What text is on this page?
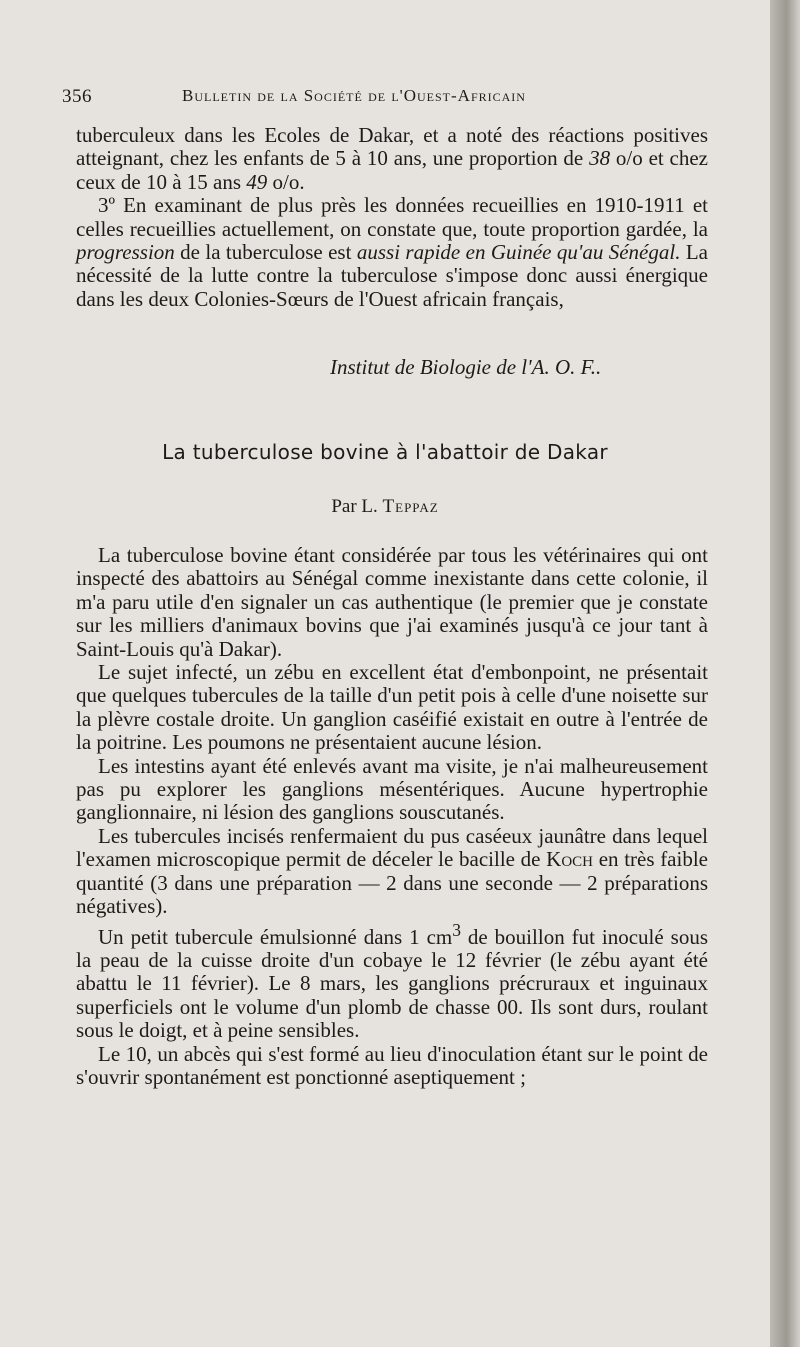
356	Bulletin de la Société de l'Ouest-Africain

tuberculeux dans les Ecoles de Dakar, et a noté des réactions positives atteignant, chez les enfants de 5 à 10 ans, une proportion de 38 o/o et chez ceux de 10 à 15 ans 49 o/o.

3º En examinant de plus près les données recueillies en 1910-1911 et celles recueillies actuellement, on constate que, toute proportion gardée, la progression de la tuberculose est aussi rapide en Guinée qu'au Sénégal. La nécessité de la lutte contre la tuberculose s'impose donc aussi énergique dans les deux Colonies-Sœurs de l'Ouest africain français,

Institut de Biologie de l'A. O. F..
La tuberculose bovine à l'abattoir de Dakar
Par L. Teppaz

La tuberculose bovine étant considérée par tous les vétérinaires qui ont inspecté des abattoirs au Sénégal comme inexistante dans cette colonie, il m'a paru utile d'en signaler un cas authentique (le premier que je constate sur les milliers d'animaux bovins que j'ai examinés jusqu'à ce jour tant à Saint-Louis qu'à Dakar).

Le sujet infecté, un zébu en excellent état d'embonpoint, ne présentait que quelques tubercules de la taille d'un petit pois à celle d'une noisette sur la plèvre costale droite. Un ganglion caséifié existait en outre à l'entrée de la poitrine. Les poumons ne présentaient aucune lésion.

Les intestins ayant été enlevés avant ma visite, je n'ai malheureusement pas pu explorer les ganglions mésentériques. Aucune hypertrophie ganglionnaire, ni lésion des ganglions souscutanés.

Les tubercules incisés renfermaient du pus caséeux jaunâtre dans lequel l'examen microscopique permit de déceler le bacille de Koch en très faible quantité (3 dans une préparation — 2 dans une seconde — 2 préparations négatives).

Un petit tubercule émulsionné dans 1 $cm^3$ de bouillon fut inoculé sous la peau de la cuisse droite d'un cobaye le 12 février (le zébu ayant été abattu le 11 février). Le 8 mars, les ganglions précruraux et inguinaux superficiels ont le volume d'un plomb de chasse 00. Ils sont durs, roulant sous le doigt, et à peine sensibles.

Le 10, un abcès qui s'est formé au lieu d'inoculation étant sur le point de s'ouvrir spontanément est ponctionné aseptiquement ;
